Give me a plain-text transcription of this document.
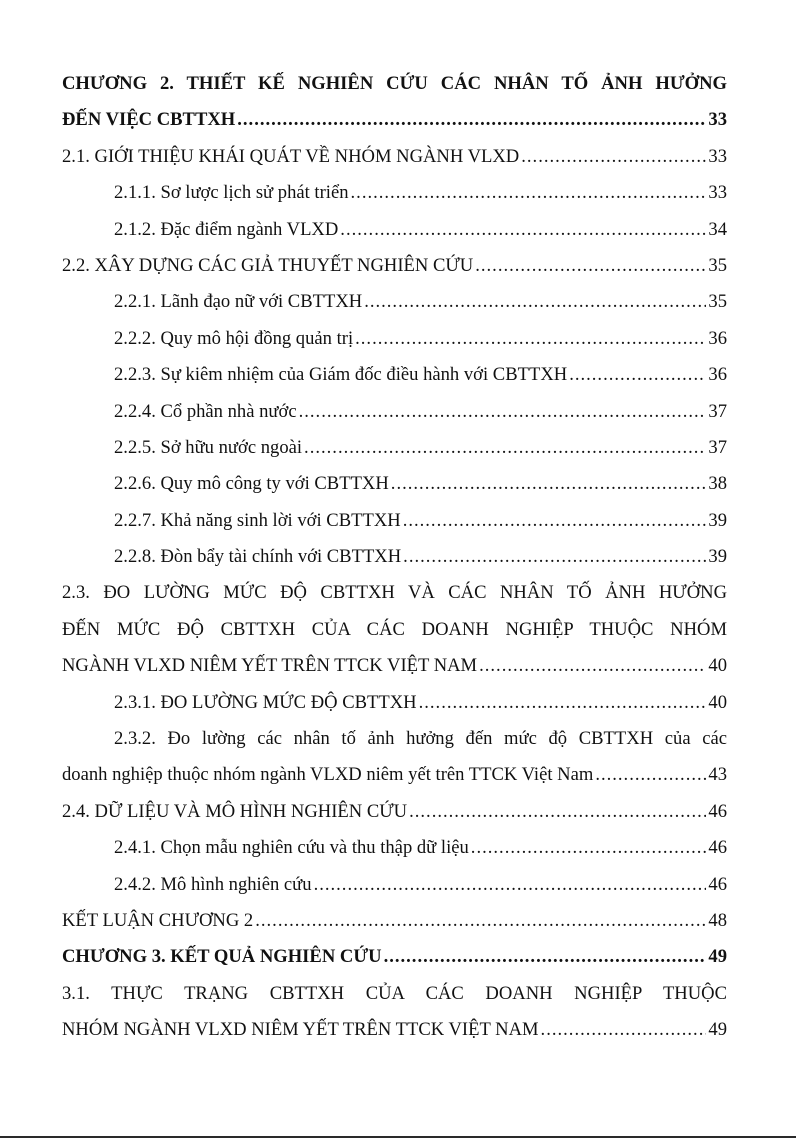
CHƯƠNG 2. THIẾT KẾ NGHIÊN CỨU CÁC NHÂN TỐ ẢNH HƯỞNG
ĐẾN VIỆC CBTTXH .....	33
2.1. GIỚI THIỆU KHÁI QUÁT VỀ NHÓM NGÀNH VLXD .....	33
2.1.1. Sơ lược lịch sử phát triển .....	33
2.1.2. Đặc điểm ngành VLXD .....	34
2.2. XÂY DỰNG CÁC GIẢ THUYẾT NGHIÊN CỨU .....	35
2.2.1. Lãnh đạo nữ với CBTTXH .....	35
2.2.2. Quy mô hội đồng quản trị .....	36
2.2.3. Sự kiêm nhiệm của Giám đốc điều hành với CBTTXH .....	36
2.2.4. Cổ phần nhà nước .....	37
2.2.5. Sở hữu nước ngoài .....	37
2.2.6. Quy mô công ty với CBTTXH .....	38
2.2.7. Khả năng sinh lời với CBTTXH .....	39
2.2.8. Đòn bẩy tài chính với CBTTXH .....	39
2.3. ĐO LƯỜNG MỨC ĐỘ CBTTXH VÀ CÁC NHÂN TỐ ẢNH HƯỞNG
ĐẾN MỨC ĐỘ CBTTXH CỦA CÁC DOANH NGHIỆP THUỘC NHÓM
NGÀNH VLXD NIÊM YẾT TRÊN TTCK VIỆT NAM .....	40
2.3.1. ĐO LƯỜNG MỨC ĐỘ CBTTXH .....	40
2.3.2. Đo lường các nhân tố ảnh hưởng đến mức độ CBTTXH của các
doanh nghiệp thuộc nhóm ngành VLXD niêm yết trên TTCK Việt Nam .....	43
2.4. DỮ LIỆU VÀ MÔ HÌNH NGHIÊN CỨU .....	46
2.4.1. Chọn mẫu nghiên cứu và thu thập dữ liệu .....	46
2.4.2. Mô hình nghiên cứu .....	46
KẾT LUẬN CHƯƠNG 2 .....	48
CHƯƠNG 3. KẾT QUẢ NGHIÊN CỨU .....	49
3.1. THỰC TRẠNG CBTTXH CỦA CÁC DOANH NGHIỆP THUỘC
NHÓM NGÀNH VLXD NIÊM YẾT TRÊN TTCK VIỆT NAM .....	49
